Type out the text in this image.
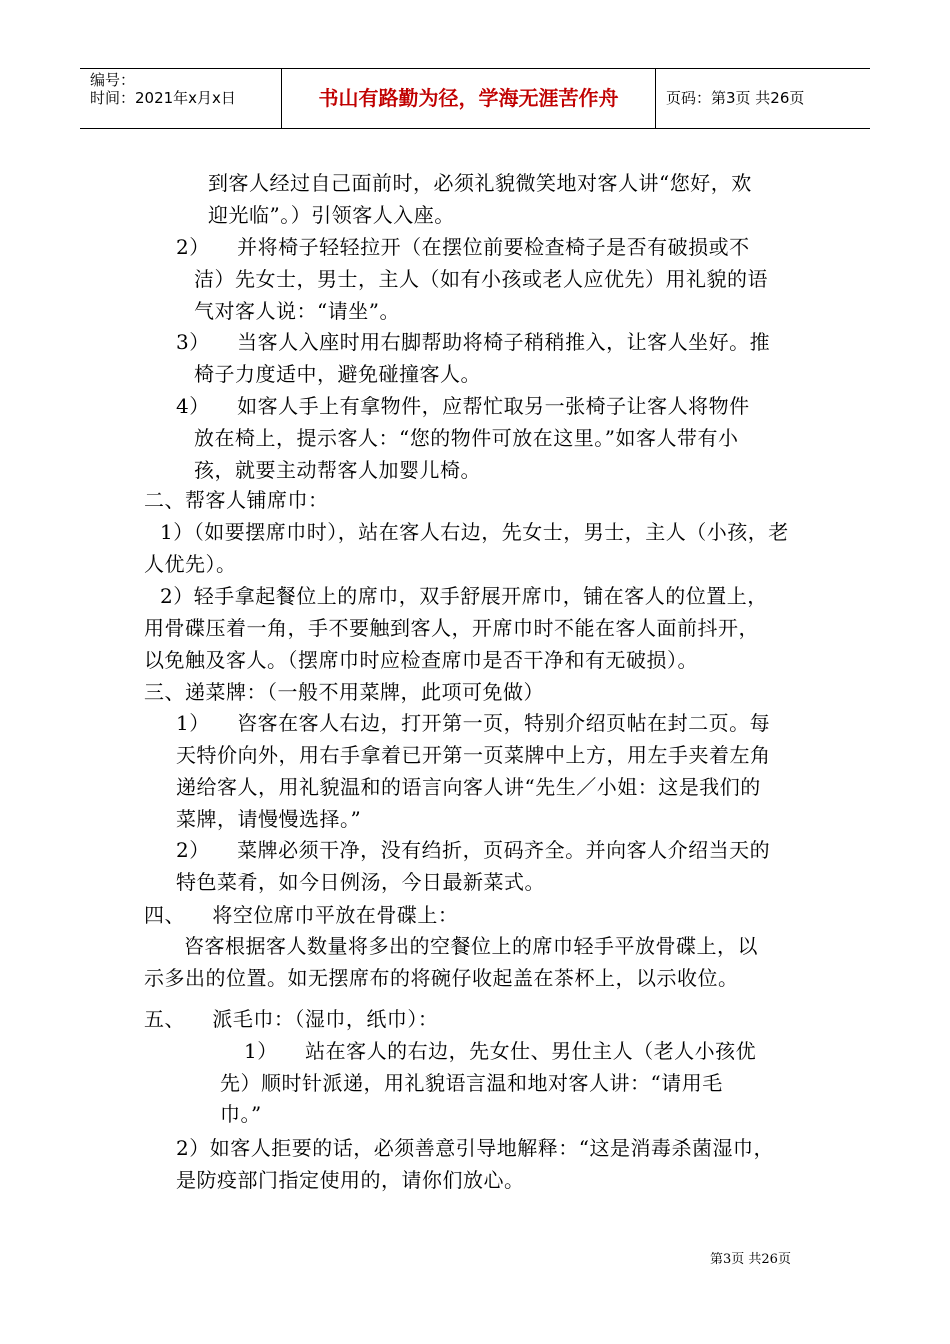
编号：
时间：2021年x月x日	书山有路勤为径，学海无涯苦作舟	页码：第3页 共26页
到客人经过自己面前时，必须礼貌微笑地对客人讲“您好，欢
迎光临”。）引领客人入座。
2）    并将椅子轻轻拉开（在摆位前要检查椅子是否有破损或不
洁）先女士，男士，主人（如有小孩或老人应优先）用礼貌的语
气对客人说：“请坐”。
3）    当客人入座时用右脚帮助将椅子稍稍推入，让客人坐好。推
椅子力度适中，避免碰撞客人。
4）    如客人手上有拿物件，应帮忙取另一张椅子让客人将物件
放在椅上，提示客人：“您的物件可放在这里。”如客人带有小
孩，就要主动帮客人加婴儿椅。
二、帮客人铺席巾：
1）（如要摆席巾时），站在客人右边，先女士，男士，主人（小孩，老
人优先）。
2）轻手拿起餐位上的席巾，双手舒展开席巾，铺在客人的位置上，
用骨碟压着一角，手不要触到客人，开席巾时不能在客人面前抖开，
以免触及客人。（摆席巾时应检查席巾是否干净和有无破损）。
三、递菜牌：（一般不用菜牌，此项可免做）
1）    咨客在客人右边，打开第一页，特别介绍页帖在封二页。每
天特价向外，用右手拿着已开第一页菜牌中上方，用左手夹着左角
递给客人，用礼貌温和的语言向客人讲“先生／小姐：这是我们的
菜牌，请慢慢选择。”
2）    菜牌必须干净，没有绉折，页码齐全。并向客人介绍当天的
特色菜肴，如今日例汤，今日最新菜式。
四、    将空位席巾平放在骨碟上：
咨客根据客人数量将多出的空餐位上的席巾轻手平放骨碟上，以
示多出的位置。如无摆席布的将碗仔收起盖在茶杯上，以示收位。
五、    派毛巾：（湿巾，纸巾）：
1）    站在客人的右边，先女仕、男仕主人（老人小孩优
先）顺时针派递，用礼貌语言温和地对客人讲：“请用毛
巾。”
2）如客人拒要的话，必须善意引导地解释：“这是消毒杀菌湿巾，
是防疫部门指定使用的，请你们放心。
第3页 共26页
